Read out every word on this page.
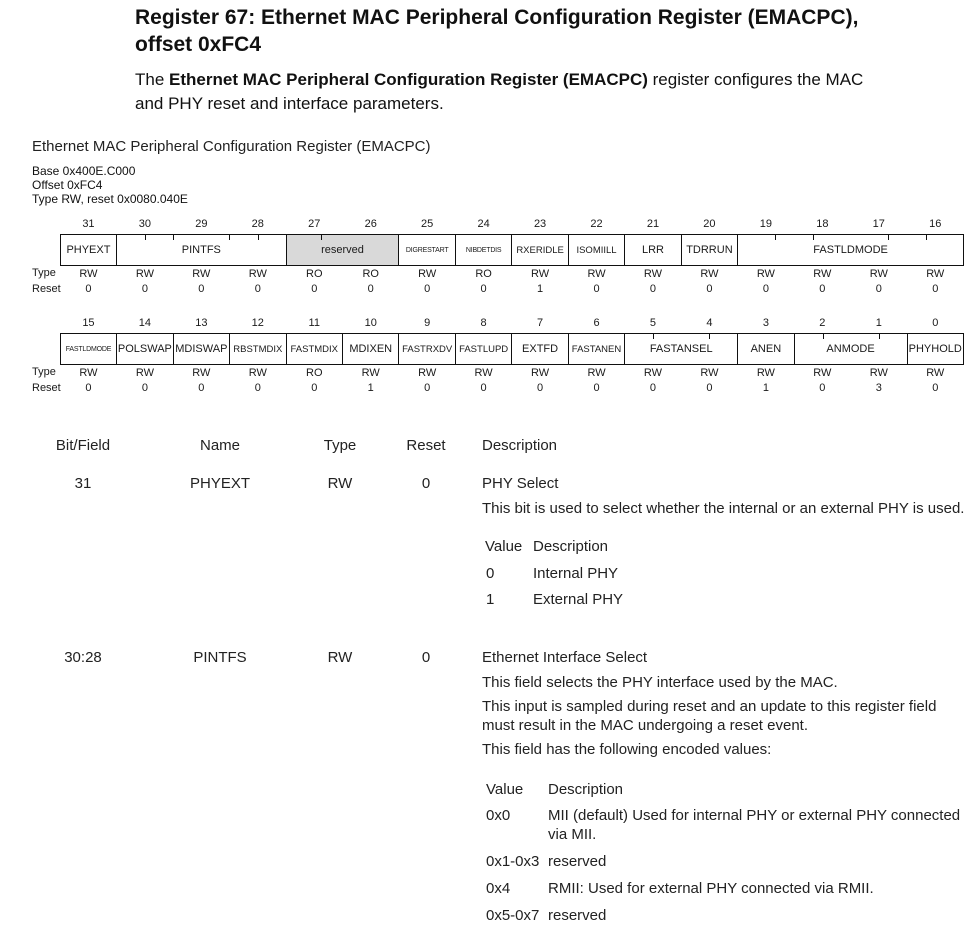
Register 67: Ethernet MAC Peripheral Configuration Register (EMACPC),
offset 0xFC4
The Ethernet MAC Peripheral Configuration Register (EMACPC) register configures the MAC
and PHY reset and interface parameters.
Ethernet MAC Peripheral Configuration Register (EMACPC)
Base 0x400E.C000
Offset 0xFC4
Type RW, reset 0x0080.040E
	31	30	29	28	27	26	25	24	23	22	21	20	19	18	17	16
	PHYEXT	PINTFS			reserved		DIGRESTART	NIBDETDIS	RXERIDLE	ISOMIILL	LRR	TDRRUN	FASTLDMODE			
Type	RW	RW	RW	RW	RO	RO	RW	RO	RW	RW	RW	RW	RW	RW	RW	RW
Reset	0	0	0	0	0	0	0	0	1	0	0	0	0	0	0	0
	15	14	13	12	11	10	9	8	7	6	5	4	3	2	1	0
	FASTLDMODE	POLSWAP	MDISWAP	RBSTMDIX	FASTMDIX	MDIXEN	FASTRXDV	FASTLUPD	EXTFD	FASTANEN	FASTANSEL		ANEN	ANMODE		PHYHOLD
Type	RW	RW	RW	RW	RO	RW	RW	RW	RW	RW	RW	RW	RW	RW	RW	RW
Reset	0	0	0	0	0	1	0	0	0	0	0	0	1	0	3	0
Bit/Field	Name	Type	Reset	Description
31	PHYEXT	RW	0	PHY Select
This bit is used to select whether the internal or an external PHY is used.
Value Description
0	Internal PHY
1	External PHY
30:28	PINTFS	RW	0	Ethernet Interface Select
This field selects the PHY interface used by the MAC.
This input is sampled during reset and an update to this register field
must result in the MAC undergoing a reset event.
This field has the following encoded values:
Value Description
0x0	MII (default) Used for internal PHY or external PHY connected
via MII.
0x1-0x3 reserved
0x4	RMII: Used for external PHY connected via RMII.
0x5-0x7 reserved
